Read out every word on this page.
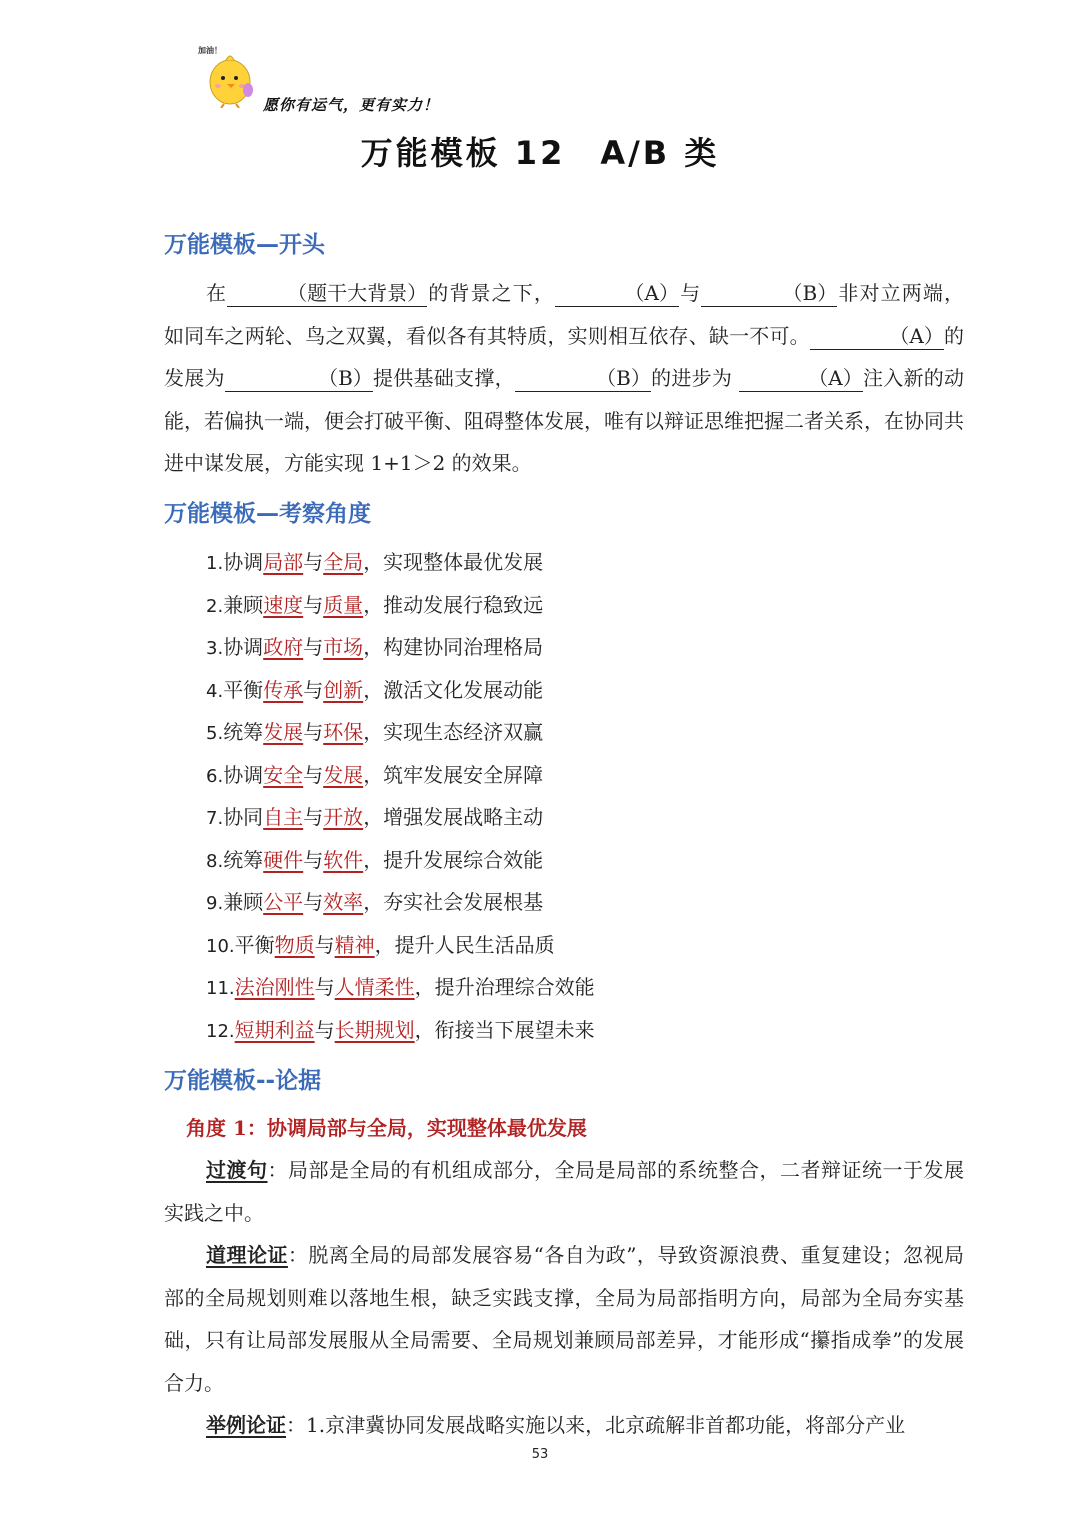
加油！
愿你有运气，更有实力！
万能模板 12　A/B 类
万能模板—开头
在	（题干大背景）的背景之下，	（A）与	（B）非对立两端，如同车之两轮、鸟之双翼，看似各有其特质，实则相互依存、缺一不可。	（A）的发展为	（B）提供基础支撑，	（B）的进步为	（A）注入新的动能，若偏执一端，便会打破平衡、阻碍整体发展，唯有以辩证思维把握二者关系，在协同共进中谋发展，方能实现 1+1＞2 的效果。
万能模板—考察角度
1.协调局部与全局，实现整体最优发展
2.兼顾速度与质量，推动发展行稳致远
3.协调政府与市场，构建协同治理格局
4.平衡传承与创新，激活文化发展动能
5.统筹发展与环保，实现生态经济双赢
6.协调安全与发展，筑牢发展安全屏障
7.协同自主与开放，增强发展战略主动
8.统筹硬件与软件，提升发展综合效能
9.兼顾公平与效率，夯实社会发展根基
10.平衡物质与精神，提升人民生活品质
11.法治刚性与人情柔性，提升治理综合效能
12.短期利益与长期规划，衔接当下展望未来
万能模板--论据
角度 1：协调局部与全局，实现整体最优发展
过渡句：局部是全局的有机组成部分，全局是局部的系统整合，二者辩证统一于发展实践之中。
道理论证：脱离全局的局部发展容易“各自为政”，导致资源浪费、重复建设；忽视局部的全局规划则难以落地生根，缺乏实践支撑，全局为局部指明方向，局部为全局夯实基础，只有让局部发展服从全局需要、全局规划兼顾局部差异，才能形成“攥指成拳”的发展合力。
举例论证：1.京津冀协同发展战略实施以来，北京疏解非首都功能，将部分产业
53
